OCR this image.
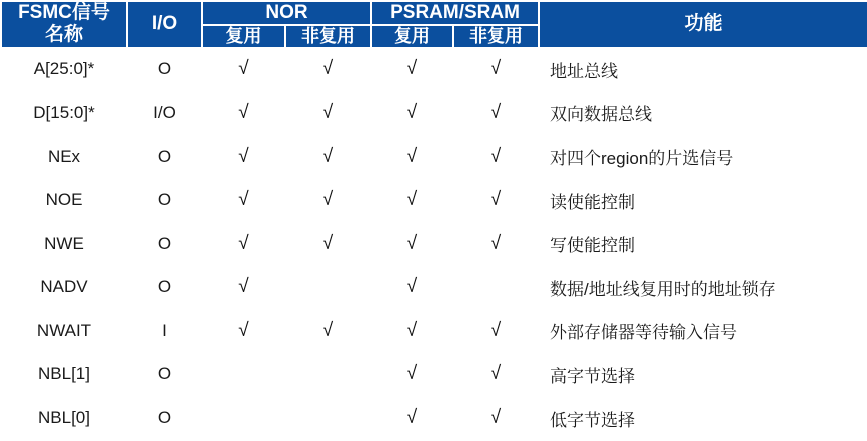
FSMC信号
名称	I/O	NOR		PSRAM/SRAM		功能
		复用	非复用	复用	非复用	
A[25:0]*	O	√	√	√	√	地址总线
D[15:0]*	I/O	√	√	√	√	双向数据总线
NEx	O	√	√	√	√	对四个region的片选信号
NOE	O	√	√	√	√	读使能控制
NWE	O	√	√	√	√	写使能控制
NADV	O	√		√		数据/地址线复用时的地址锁存
NWAIT	I	√	√	√	√	外部存储器等待输入信号
NBL[1]	O			√	√	高字节选择
NBL[0]	O			√	√	低字节选择
